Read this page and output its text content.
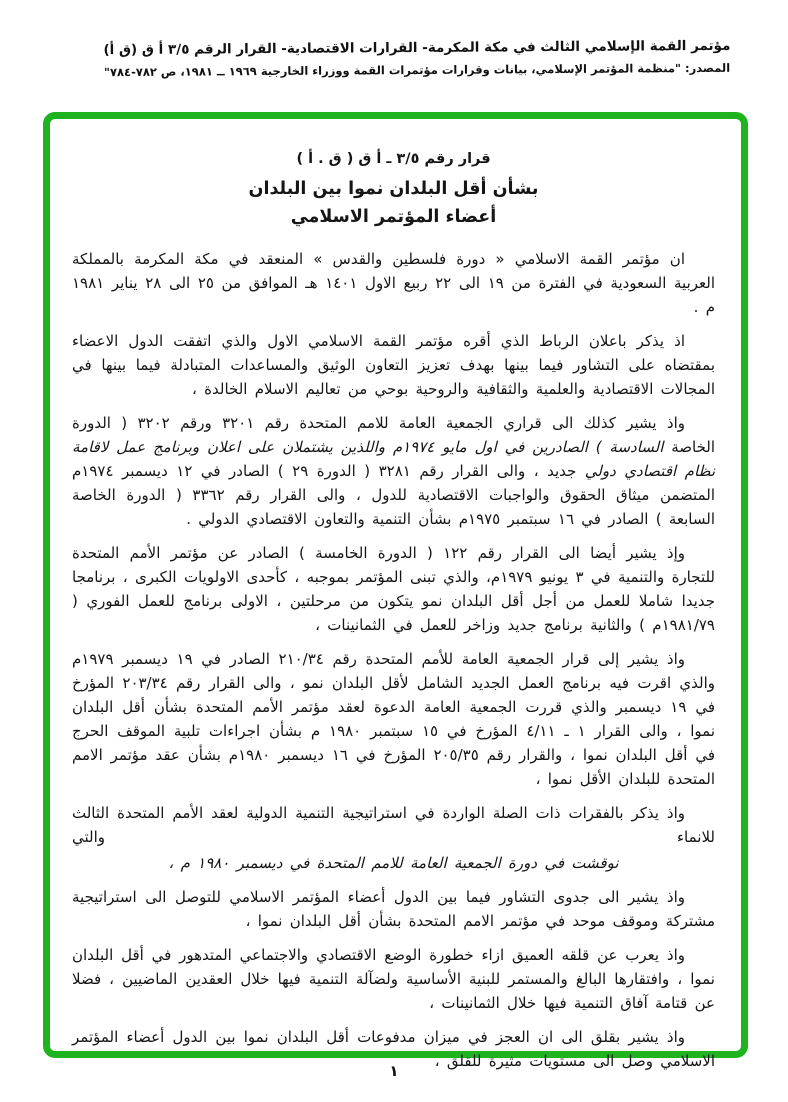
مؤتمر القمة الإسلامي الثالث في مكة المكرمة- القرارات الاقتصادية- القرار الرقم ٣/٥ أ ق (ق أ)
المصدر: "منظمة المؤتمر الإسلامي، بيانات وقرارات مؤتمرات القمة ووزراء الخارجية ١٩٦٩ ــ ١٩٨١، ص ٧٨٢-٧٨٤"
قرار رقم ٣/٥ ـ أ ق ( ق . أ )
بشأن أقل البلدان نموا بين البلدان
أعضاء المؤتمر الاسلامي

ان مؤتمر القمة الاسلامي « دورة فلسطين والقدس » المنعقد في مكة المكرمة بالمملكة العربية السعودية في الفترة من ١٩ الى ٢٢ ربيع الاول ١٤٠١ هـ الموافق من ٢٥ الى ٢٨ يناير ١٩٨١ م .

اذ يذكر باعلان الرباط الذي أقره مؤتمر القمة الاسلامي الاول والذي اتفقت الدول الاعضاء بمقتضاه على التشاور فيما بينها بهدف تعزيز التعاون الوثيق والمساعدات المتبادلة فيما بينها في المجالات الاقتصادية والعلمية والثقافية والروحية بوحي من تعاليم الاسلام الخالدة ،

واذ يشير كذلك الى قراري الجمعية العامة للامم المتحدة رقم ٣٢٠١ ورقم ٣٢٠٢ ( الدورة الخاصة السادسة ) الصادرين في اول مايو ١٩٧٤م واللذين يشتملان على اعلان وبرنامج عمل لاقامة نظام اقتصادي دولي جديد ، والى القرار رقم ٣٢٨١ ( الدورة ٢٩ ) الصادر في ١٢ ديسمبر ١٩٧٤م المتضمن ميثاق الحقوق والواجبات الاقتصادية للدول ، والى القرار رقم ٣٣٦٢ ( الدورة الخاصة السابعة ) الصادر في ١٦ سبتمبر ١٩٧٥م بشأن التنمية والتعاون الاقتصادي الدولي .

وإذ يشير أيضا الى القرار رقم ١٢٢ ( الدورة الخامسة ) الصادر عن مؤتمر الأمم المتحدة للتجارة والتنمية في ٣ يونيو ١٩٧٩م، والذي تبنى المؤتمر بموجبه ، كأحدى الاولويات الكبرى ، برنامجا جديدا شاملا للعمل من أجل أقل البلدان نمو يتكون من مرحلتين ، الاولى برنامج للعمل الفوري ( ١٩٨١/٧٩م ) والثانية برنامج جديد وزاخر للعمل في الثمانينات ،

واذ يشير إلى قرار الجمعية العامة للأمم المتحدة رقم ٢١٠/٣٤ الصادر في ١٩ ديسمبر ١٩٧٩م والذي اقرت فيه برنامج العمل الجديد الشامل لأقل البلدان نمو ، والى القرار رقم ٢٠٣/٣٤ المؤرخ في ١٩ ديسمبر والذي قررت الجمعية العامة الدعوة لعقد مؤتمر الأمم المتحدة بشأن أقل البلدان نموا ، والى القرار ١ ـ ٤/١١ المؤرخ في ١٥ سبتمبر ١٩٨٠ م بشأن اجراءات تلبية الموقف الحرج في أقل البلدان نموا ، والقرار رقم ٢٠٥/٣٥ المؤرخ في ١٦ ديسمبر ١٩٨٠م بشأن عقد مؤتمر الامم المتحدة للبلدان الأقل نموا ،

واذ يذكر بالفقرات ذات الصلة الواردة في استراتيجية التنمية الدولية لعقد الأمم المتحدة الثالث للانماء والتي

نوقشت في دورة الجمعية العامة للامم المتحدة في ديسمبر ١٩٨٠ م ،

واذ يشير الى جدوى التشاور فيما بين الدول أعضاء المؤتمر الاسلامي للتوصل الى استراتيجية مشتركة وموقف موحد في مؤتمر الامم المتحدة بشأن أقل البلدان نموا ،

واذ يعرب عن قلقه العميق ازاء خطورة الوضع الاقتصادي والاجتماعي المتدهور في أقل البلدان نموا ، وافتقارها البالغ والمستمر للبنية الأساسية ولضآلة التنمية فيها خلال العقدين الماضيين ، فضلا عن قتامة آفاق التنمية فيها خلال الثمانينات ،

واذ يشير بقلق الى ان العجز في ميزان مدفوعات أقل البلدان نموا بين الدول أعضاء المؤتمر الاسلامي وصل الى مستويات مثيرة للقلق ،

١
